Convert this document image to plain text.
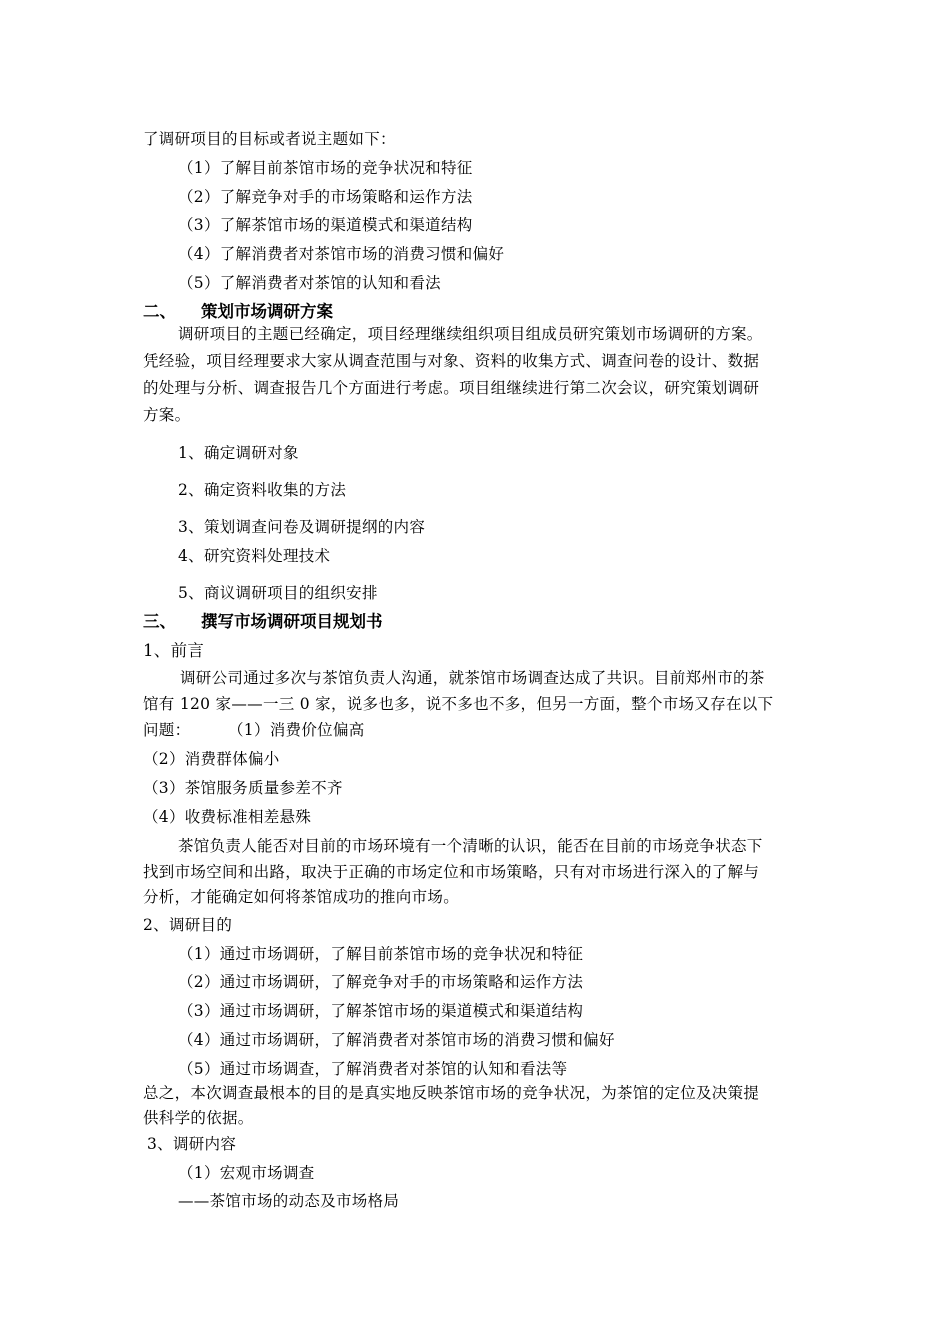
了调研项目的目标或者说主题如下：

（1）了解目前茶馆市场的竞争状况和特征

（2）了解竞争对手的市场策略和运作方法

（3）了解茶馆市场的渠道模式和渠道结构

（4）了解消费者对茶馆市场的消费习惯和偏好

（5）了解消费者对茶馆的认知和看法

二、 策划市场调研方案

调研项目的主题已经确定，项目经理继续组织项目组成员研究策划市场调研的方案。

凭经验，项目经理要求大家从调查范围与对象、资料的收集方式、调查问卷的设计、数据

的处理与分析、调查报告几个方面进行考虑。项目组继续进行第二次会议，研究策划调研

方案。

1、确定调研对象

2、确定资料收集的方法

3、策划调查问卷及调研提纲的内容

4、研究资料处理技术

5、商议调研项目的组织安排

三、 撰写市场调研项目规划书

1、前言

调研公司通过多次与茶馆负责人沟通，就茶馆市场调查达成了共识。目前郑州市的茶

馆有 120 家——一三 0 家，说多也多，说不多也不多，但另一方面，整个市场又存在以下

问题： （1）消费价位偏高

（2）消费群体偏小

（3）茶馆服务质量参差不齐

（4）收费标准相差悬殊

茶馆负责人能否对目前的市场环境有一个清晰的认识，能否在目前的市场竞争状态下

找到市场空间和出路，取决于正确的市场定位和市场策略，只有对市场进行深入的了解与

分析，才能确定如何将茶馆成功的推向市场。

2、调研目的

（1）通过市场调研，了解目前茶馆市场的竞争状况和特征

（2）通过市场调研，了解竞争对手的市场策略和运作方法

（3）通过市场调研，了解茶馆市场的渠道模式和渠道结构

（4）通过市场调研，了解消费者对茶馆市场的消费习惯和偏好

（5）通过市场调查，了解消费者对茶馆的认知和看法等

总之，本次调查最根本的目的是真实地反映茶馆市场的竞争状况，为茶馆的定位及决策提

供科学的依据。

3、调研内容

（1）宏观市场调查

——茶馆市场的动态及市场格局
